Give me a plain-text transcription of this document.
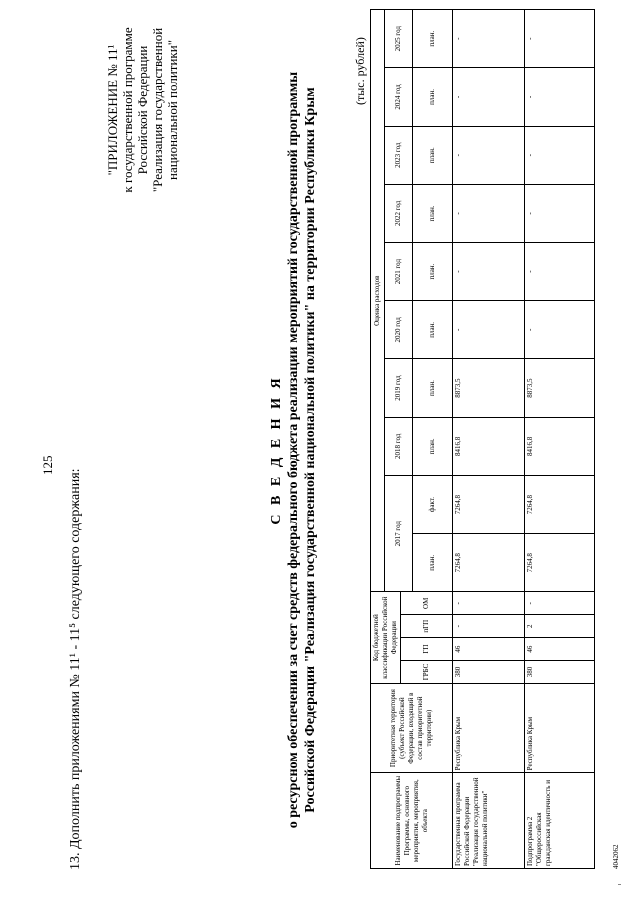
125
13. Дополнить приложениями № 11¹ - 11⁵ следующего содержания:
"ПРИЛОЖЕНИЕ № 11¹ к государственной программе Российской Федерации "Реализация государственной национальной политики"
С В Е Д Е Н И Я о ресурсном обеспечении за счет средств федерального бюджета реализации мероприятий государственной программы Российской Федерации "Реализация государственной национальной политики" на территории Республики Крым
(тыс. рублей)
Наименование подпрограммы Программы, основного мероприятия, мероприятия, объекта	Приоритетная территория (субъект Российской Федерации, входящий в состав приоритетной территории)	Код бюджетной классификации Российской Федерации				Оценка расходов									
						2017 год		2018 год	2019 год	2020 год	2021 год	2022 год	2023 год	2024 год	2025 год
		ГРБС	ГП	пГП	ОМ										
						план.	факт.	план.	план.	план.	план.	план.	план.	план.	план.
Государственная программа Российской Федерации "Реализация государственной национальной политики"	Республика Крым	380	46	-	-	7264,8	7264,8	8416,8	8873,5	-	-	-	-	-	-
Подпрограмма 2 "Общероссийская гражданская идентичность и	Республика Крым	380	46	2	-	7264,8	7264,8	8416,8	8873,5	-	-	-	-	-	-
4042062
